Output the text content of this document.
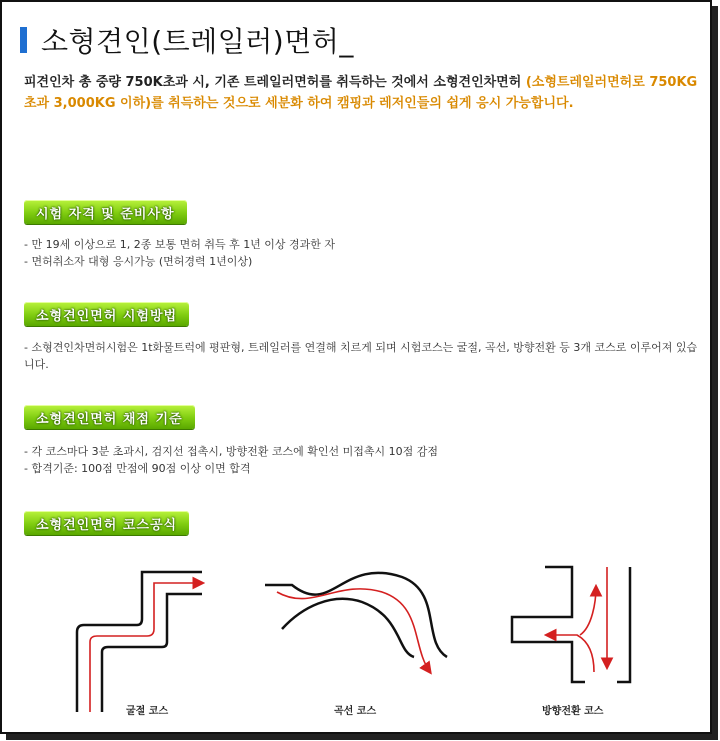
소형견인(트레일러)면허_
피견인차 총 중량 750K초과 시, 기존 트레일러면허를 취득하는 것에서 소형견인차면허 (소형트레일러면허로 750KG초과 3,000KG 이하)를 취득하는 것으로 세분화 하여 캠핑과 레저인들의 쉽게 응시 가능합니다.
시험 자격 및 준비사항
- 만 19세 이상으로 1, 2종 보통 면허 취득 후 1년 이상 경과한 자
- 면허취소자 대형 응시가능 (면허경력 1년이상)
소형견인면허 시험방법
- 소형견인차면허시험은 1t화물트럭에 평판형, 트레일러를 연결해 치르게 되며 시험코스는 굴절, 곡선, 방향전환 등 3개 코스로 이루어져 있습니다.
소형견인면허 채점 기준
- 각 코스마다 3분 초과시, 검지선 접촉시, 방향전환 코스에 확인선 미접촉시 10점 감점
- 합격기준: 100점 만점에 90점 이상 이면 합격
소형견인면허 코스공식
굴절 코스	곡선 코스	방향전환 코스
